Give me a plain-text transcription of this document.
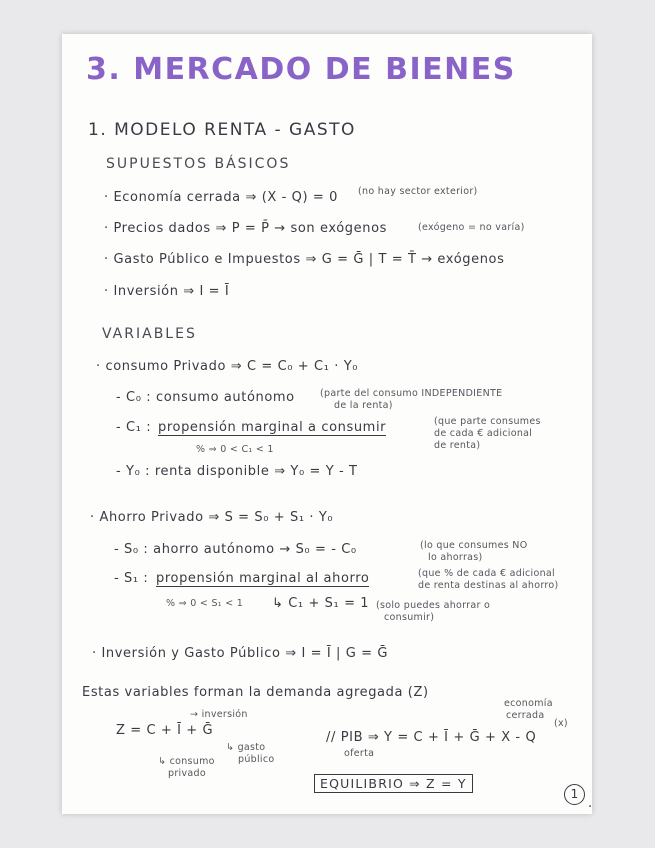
3. MERCADO DE BIENES
1. MODELO RENTA - GASTO
SUPUESTOS BÁSICOS
· Economía cerrada ⇒ (X - Q) = 0 (no hay sector exterior)
· Precios dados ⇒ P = P̄ → son exógenos	(exógeno = no varía)
· Gasto Público e Impuestos ⇒ G = Ḡ | T = T̄ → exógenos
· Inversión ⇒ I = Ī
VARIABLES
· consumo Privado ⇒ C = C₀ + C₁ · Y₀
- C₀ : consumo autónomo	(parte del consumo INDEPENDIENTE
de la renta)
- C₁ : propensión marginal a consumir	(que parte consumes
de cada € adicional
de renta)
% ⇒ 0 < C₁ < 1
- Y₀ : renta disponible ⇒ Y₀ = Y - T
· Ahorro Privado ⇒ S = S₀ + S₁ · Y₀
- S₀ : ahorro autónomo → S₀ = - C₀	(lo que consumes NO
lo ahorras)
- S₁ : propensión marginal al ahorro	(que % de cada € adicional
de renta destinas al ahorro)
% ⇒ 0 < S₁ < 1 ↳ C₁ + S₁ = 1 (solo puedes ahorrar o
consumir)
· Inversión y Gasto Público ⇒ I = Ī | G = Ḡ
Estas variables forman la demanda agregada (Z)
→ inversión
Z = C + Ī + Ḡ
↳ gasto
público
↳ consumo
privado
economía
cerrada
(x)
// PIB ⇒ Y = C + Ī + Ḡ + X - Q
oferta
EQUILIBRIO ⇒ Z = Y
1
.
